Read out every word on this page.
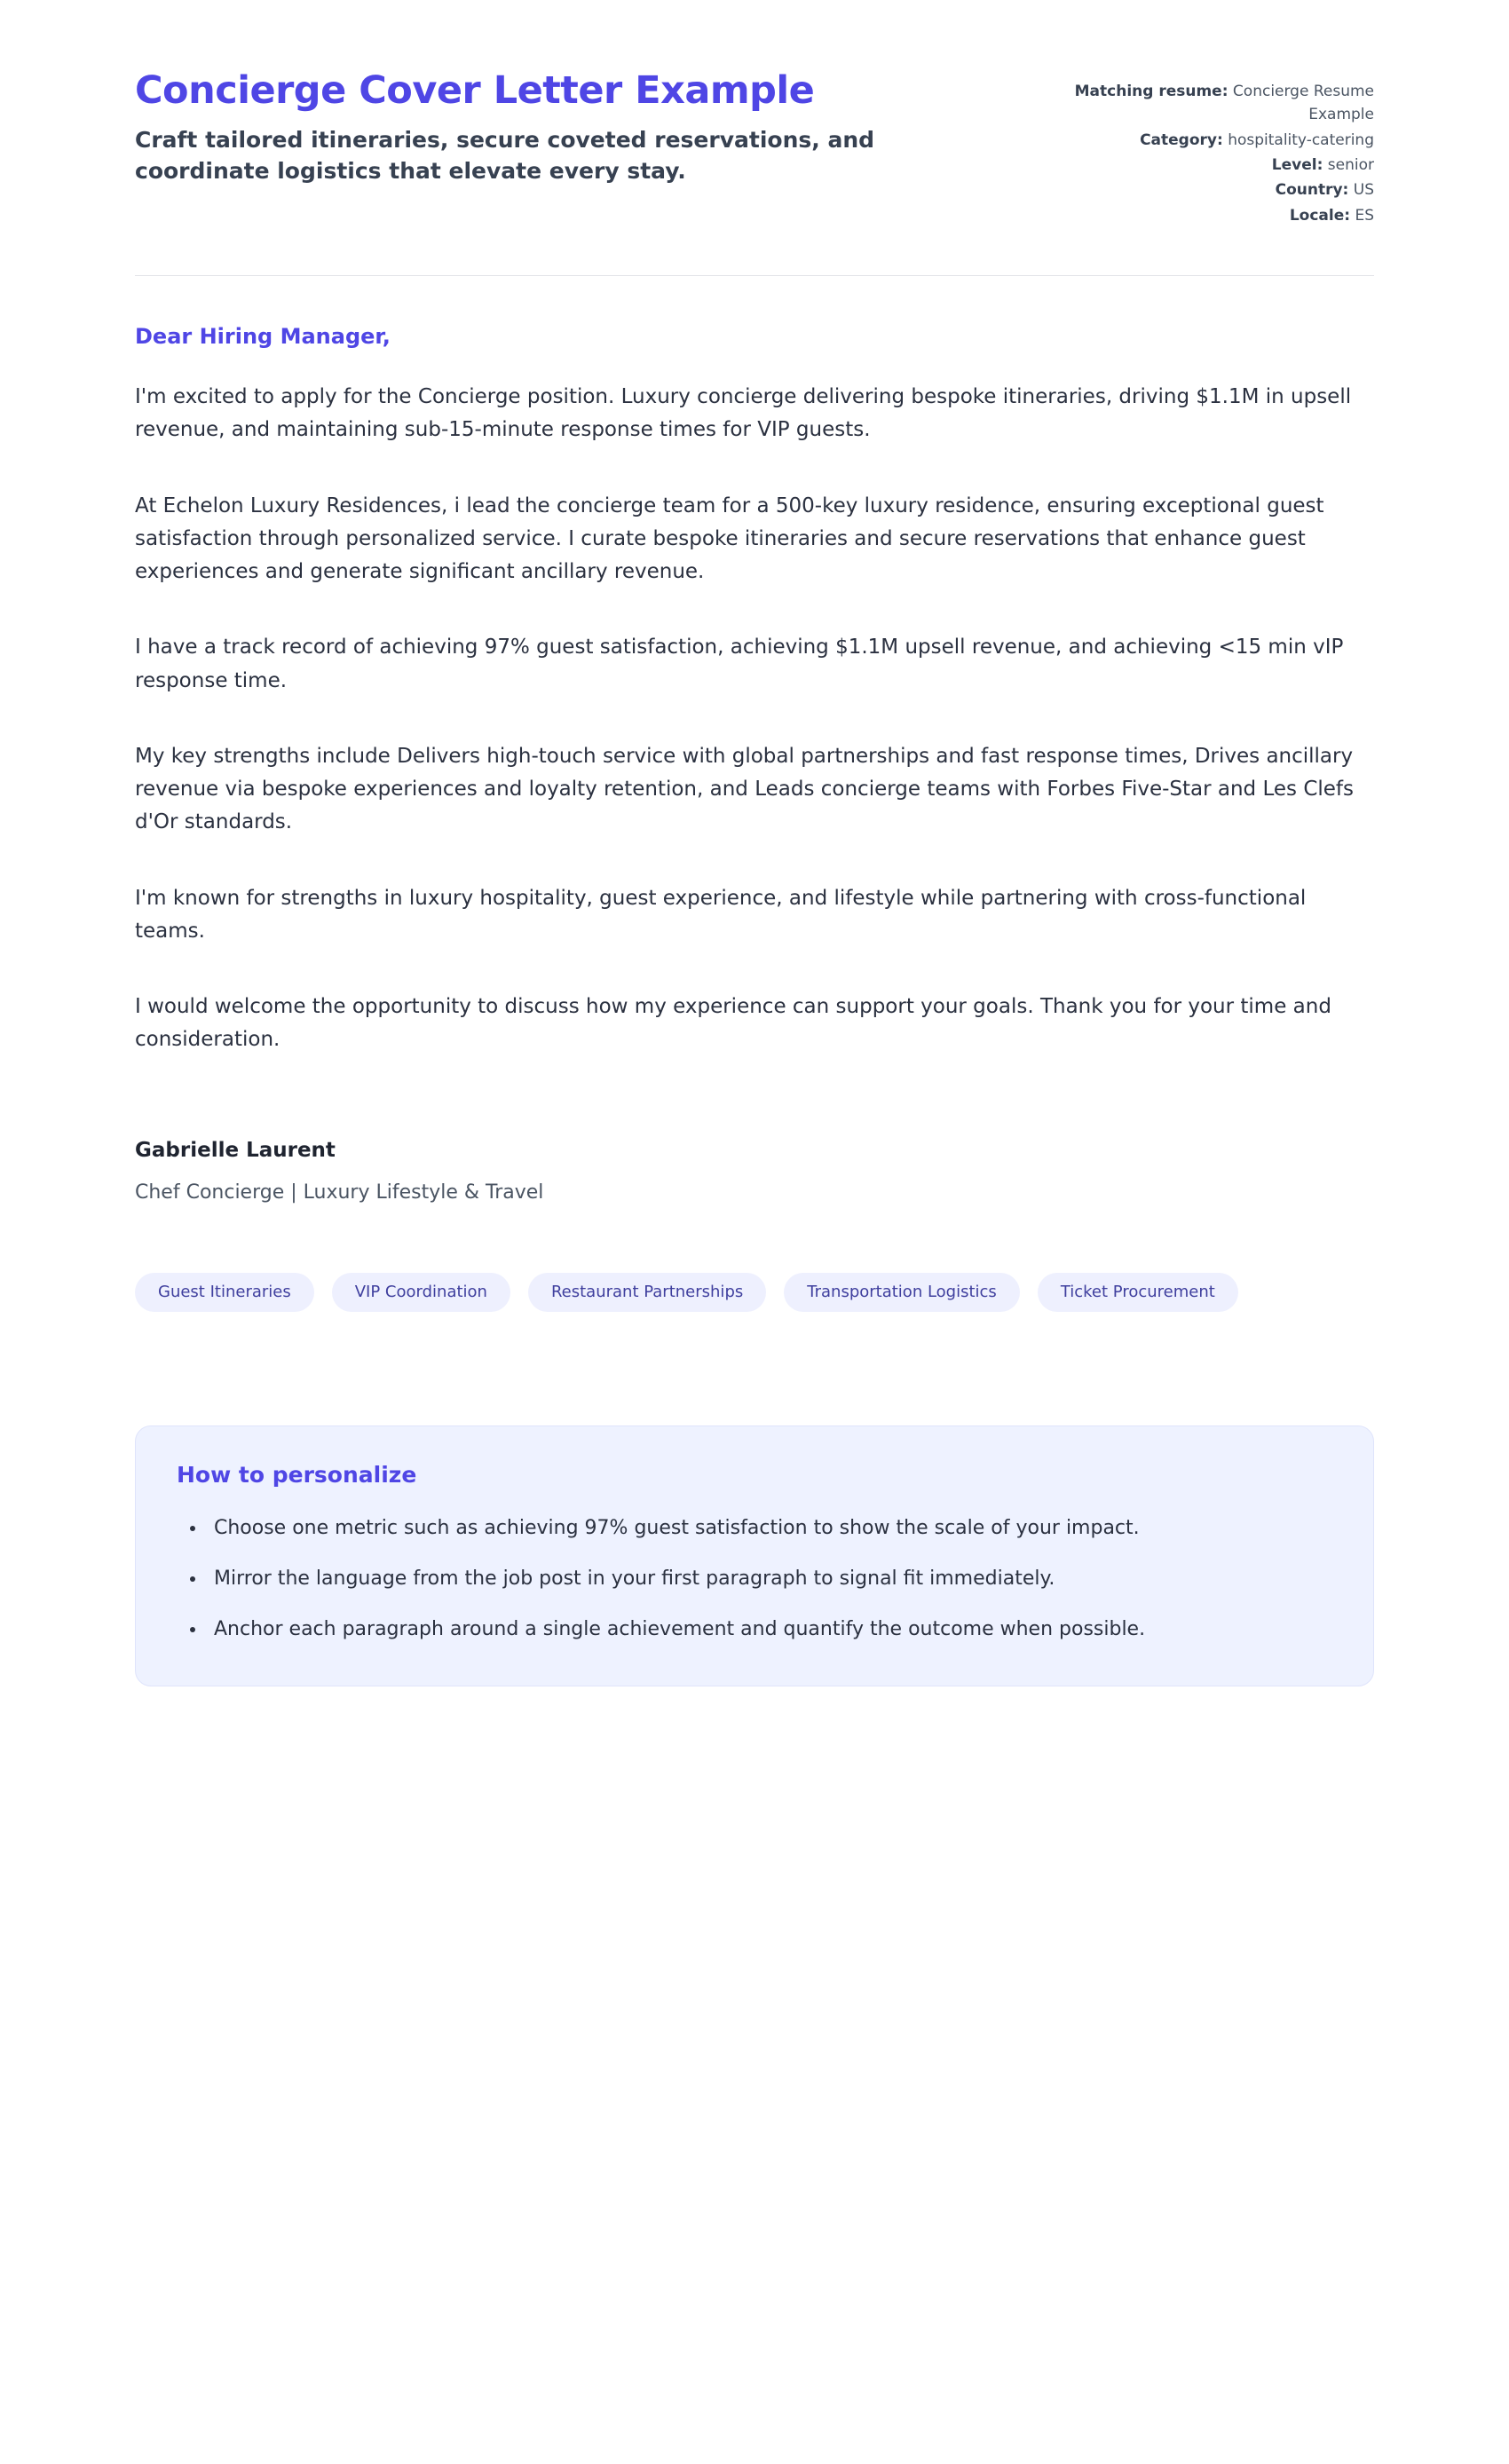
Concierge Cover Letter Example

Craft tailored itineraries, secure coveted reservations, and coordinate logistics that elevate every stay.

Matching resume: Concierge Resume Example
Category: hospitality-catering
Level: senior
Country: US
Locale: ES

Dear Hiring Manager,

I'm excited to apply for the Concierge position. Luxury concierge delivering bespoke itineraries, driving $1.1M in upsell revenue, and maintaining sub-15-minute response times for VIP guests.

At Echelon Luxury Residences, i lead the concierge team for a 500-key luxury residence, ensuring exceptional guest satisfaction through personalized service. I curate bespoke itineraries and secure reservations that enhance guest experiences and generate significant ancillary revenue.

I have a track record of achieving 97% guest satisfaction, achieving $1.1M upsell revenue, and achieving <15 min vIP response time.

My key strengths include Delivers high-touch service with global partnerships and fast response times, Drives ancillary revenue via bespoke experiences and loyalty retention, and Leads concierge teams with Forbes Five-Star and Les Clefs d'Or standards.

I'm known for strengths in luxury hospitality, guest experience, and lifestyle while partnering with cross-functional teams.

I would welcome the opportunity to discuss how my experience can support your goals. Thank you for your time and consideration.

Gabrielle Laurent

Chef Concierge | Luxury Lifestyle & Travel

Guest Itineraries	VIP Coordination	Restaurant Partnerships	Transportation Logistics	Ticket Procurement
How to personalize
• Choose one metric such as achieving 97% guest satisfaction to show the scale of your impact.
• Mirror the language from the job post in your first paragraph to signal fit immediately.
• Anchor each paragraph around a single achievement and quantify the outcome when possible.
